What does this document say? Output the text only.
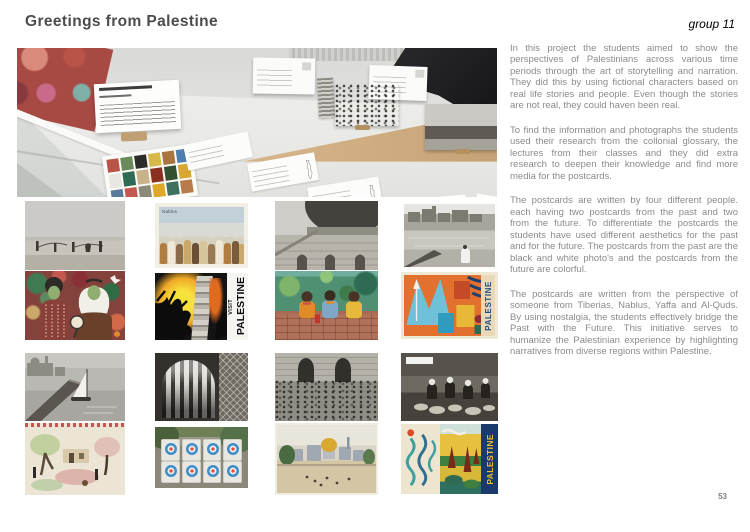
Greetings from Palestine	group 11
Nablus
VISIT PALESTINE	PALESTINE
PALESTINE

In this project the students aimed to show the perspectives of Palestinians across various time periods through the art of storytelling and narration. They did this by using fictional characters based on real life stories and people. Even though the stories are not real, they could haven been real.

To find the information and photographs the students used their research from the collonial glossary, the lectures from their classes and they did extra research to deepen their knowledge and find more media for the postcards.

The postcards are written by four different people. each having two postcards from the past and two from the future. To differentiate the postcards the students have used different aesthetics for the past and for the future. The postcards from the past are the black and white photo's and the postcards from the future are colorful.

The postcards are written from the perspective of someone from Tiberias, Nablus, Yaffa and Al-Quds. By using nostalgia, the students effectively bridge the Past with the Future. This initiative serves to humanize the Palestinian experience by highlighting narratives from diverse regions within Palestine.

53
